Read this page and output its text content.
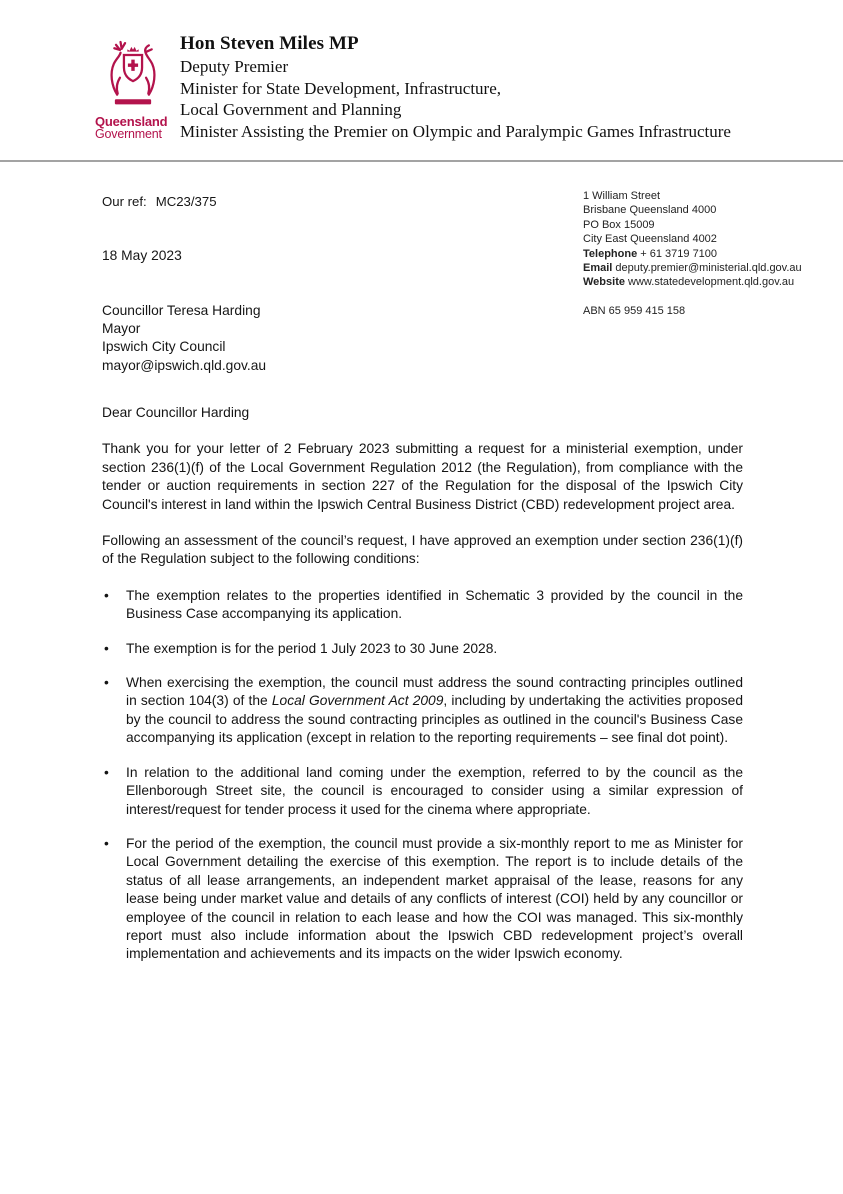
Queensland
Government
Hon Steven Miles MP
Deputy Premier
Minister for State Development, Infrastructure,
Local Government and Planning
Minister Assisting the Premier on Olympic and Paralympic Games Infrastructure
Our ref: MC23/375	1 William Street
Brisbane Queensland 4000
PO Box 15009
City East Queensland 4002
Telephone + 61 3719 7100
Email deputy.premier@ministerial.qld.gov.au
Website www.statedevelopment.qld.gov.au
ABN 65 959 415 158
18 May 2023
Councillor Teresa Harding
Mayor
Ipswich City Council
mayor@ipswich.qld.gov.au
Dear Councillor Harding

Thank you for your letter of 2 February 2023 submitting a request for a ministerial exemption, under section 236(1)(f) of the Local Government Regulation 2012 (the Regulation), from compliance with the tender or auction requirements in section 227 of the Regulation for the disposal of the Ipswich City Council's interest in land within the Ipswich Central Business District (CBD) redevelopment project area.

Following an assessment of the council’s request, I have approved an exemption under section 236(1)(f) of the Regulation subject to the following conditions:

• The exemption relates to the properties identified in Schematic 3 provided by the council in the Business Case accompanying its application.
• The exemption is for the period 1 July 2023 to 30 June 2028.
• When exercising the exemption, the council must address the sound contracting principles outlined in section 104(3) of the Local Government Act 2009, including by undertaking the activities proposed by the council to address the sound contracting principles as outlined in the council's Business Case accompanying its application (except in relation to the reporting requirements – see final dot point).
• In relation to the additional land coming under the exemption, referred to by the council as the Ellenborough Street site, the council is encouraged to consider using a similar expression of interest/request for tender process it used for the cinema where appropriate.
• For the period of the exemption, the council must provide a six-monthly report to me as Minister for Local Government detailing the exercise of this exemption. The report is to include details of the status of all lease arrangements, an independent market appraisal of the lease, reasons for any lease being under market value and details of any conflicts of interest (COI) held by any councillor or employee of the council in relation to each lease and how the COI was managed. This six-monthly report must also include information about the Ipswich CBD redevelopment project’s overall implementation and achievements and its impacts on the wider Ipswich economy.
